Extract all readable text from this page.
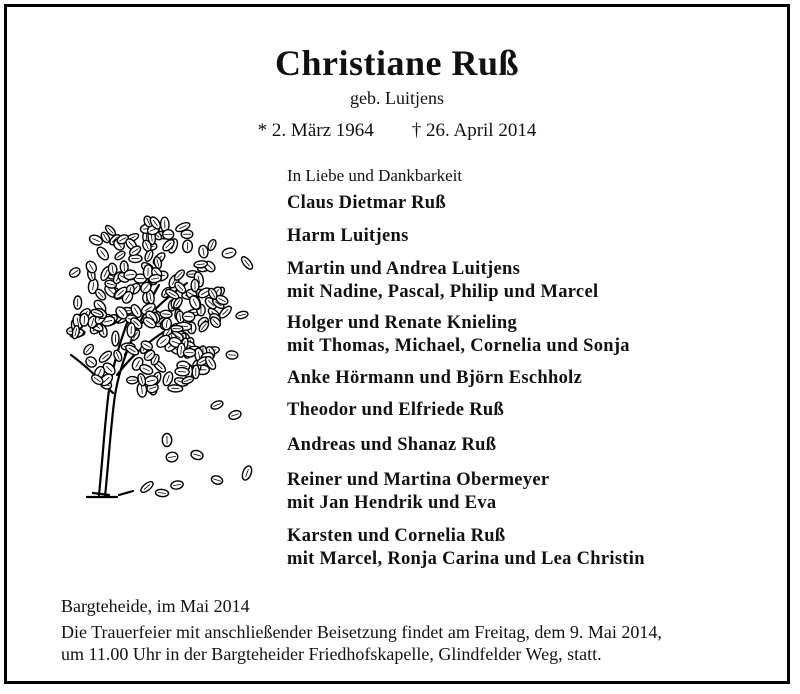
Christiane Ruß
geb. Luitjens
* 2. März 1964 † 26. April 2014
In Liebe und Dankbarkeit
Claus Dietmar Ruß
Harm Luitjens
Martin und Andrea Luitjens
mit Nadine, Pascal, Philip und Marcel
Holger und Renate Knieling
mit Thomas, Michael, Cornelia und Sonja
Anke Hörmann und Björn Eschholz
Theodor und Elfriede Ruß
Andreas und Shanaz Ruß
Reiner und Martina Obermeyer
mit Jan Hendrik und Eva
Karsten und Cornelia Ruß
mit Marcel, Ronja Carina und Lea Christin
Bargteheide, im Mai 2014
Die Trauerfeier mit anschließender Beisetzung findet am Freitag, dem 9. Mai 2014,
um 11.00 Uhr in der Bargteheider Friedhofskapelle, Glindfelder Weg, statt.
